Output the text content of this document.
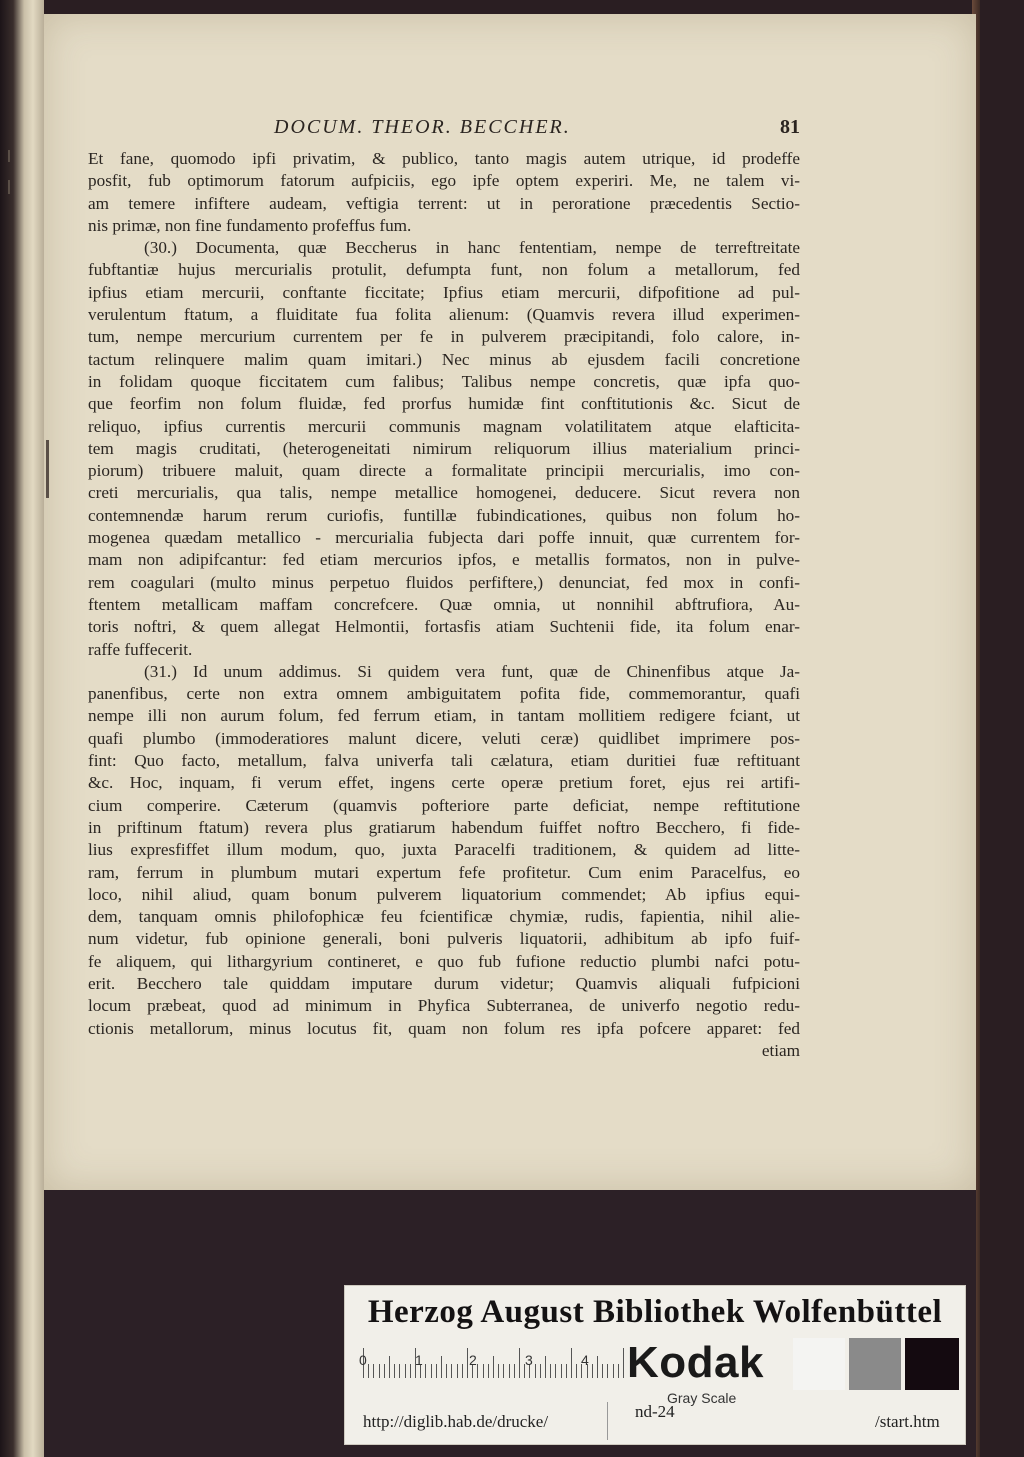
DOCUM. THEOR. BECCHER.	81
Et fane, quomodo ipfi privatim, & publico, tanto magis autem utrique, id prodeffe
posfit, fub optimorum fatorum aufpiciis, ego ipfe optem experiri. Me, ne talem vi-
am temere infiftere audeam, veftigia terrent: ut in peroratione præcedentis Sectio-
nis primæ, non fine fundamento profeffus fum.
(30.) Documenta, quæ Beccherus in hanc fententiam, nempe de terreftreitate
fubftantiæ hujus mercurialis protulit, defumpta funt, non folum a metallorum, fed
ipfius etiam mercurii, conftante ficcitate; Ipfius etiam mercurii, difpofitione ad pul-
verulentum ftatum, a fluiditate fua folita alienum: (Quamvis revera illud experimen-
tum, nempe mercurium currentem per fe in pulverem præcipitandi, folo calore, in-
tactum relinquere malim quam imitari.) Nec minus ab ejusdem facili concretione
in folidam quoque ficcitatem cum falibus; Talibus nempe concretis, quæ ipfa quo-
que feorfim non folum fluidæ, fed prorfus humidæ fint conftitutionis &c. Sicut de
reliquo, ipfius currentis mercurii communis magnam volatilitatem atque elafticita-
tem magis cruditati, (heterogeneitati nimirum reliquorum illius materialium princi-
piorum) tribuere maluit, quam directe a formalitate principii mercurialis, imo con-
creti mercurialis, qua talis, nempe metallice homogenei, deducere. Sicut revera non
contemnendæ harum rerum curiofis, funtillæ fubindicationes, quibus non folum ho-
mogenea quædam metallico - mercurialia fubjecta dari poffe innuit, quæ currentem for-
mam non adipifcantur: fed etiam mercurios ipfos, e metallis formatos, non in pulve-
rem coagulari (multo minus perpetuo fluidos perfiftere,) denunciat, fed mox in confi-
ftentem metallicam maffam concrefcere. Quæ omnia, ut nonnihil abftrufiora, Au-
toris noftri, & quem allegat Helmontii, fortasfis atiam Suchtenii fide, ita folum enar-
raffe fuffecerit.
(31.) Id unum addimus. Si quidem vera funt, quæ de Chinenfibus atque Ja-
panenfibus, certe non extra omnem ambiguitatem pofita fide, commemorantur, quafi
nempe illi non aurum folum, fed ferrum etiam, in tantam mollitiem redigere fciant, ut
quafi plumbo (immoderatiores malunt dicere, veluti ceræ) quidlibet imprimere pos-
fint: Quo facto, metallum, falva univerfa tali cælatura, etiam duritiei fuæ reftituant
&c. Hoc, inquam, fi verum effet, ingens certe operæ pretium foret, ejus rei artifi-
cium comperire. Cæterum (quamvis pofteriore parte deficiat, nempe reftitutione
in priftinum ftatum) revera plus gratiarum habendum fuiffet noftro Becchero, fi fide-
lius expresfiffet illum modum, quo, juxta Paracelfi traditionem, & quidem ad litte-
ram, ferrum in plumbum mutari expertum fefe profitetur. Cum enim Paracelfus, eo
loco, nihil aliud, quam bonum pulverem liquatorium commendet; Ab ipfius equi-
dem, tanquam omnis philofophicæ feu fcientificæ chymiæ, rudis, fapientia, nihil alie-
num videtur, fub opinione generali, boni pulveris liquatorii, adhibitum ab ipfo fuif-
fe aliquem, qui lithargyrium contineret, e quo fub fufione reductio plumbi nafci potu-
erit. Becchero tale quiddam imputare durum videtur; Quamvis aliquali fufpicioni
locum præbeat, quod ad minimum in Phyfica Subterranea, de univerfo negotio redu-
ctionis metallorum, minus locutus fit, quam non folum res ipfa pofcere apparet: fed
etiam
Herzog August Bibliothek Wolfenbüttel
0	1	2	3	4 Kodak
Gray Scale
http://diglib.hab.de/drucke/
nd-24
/start.htm
